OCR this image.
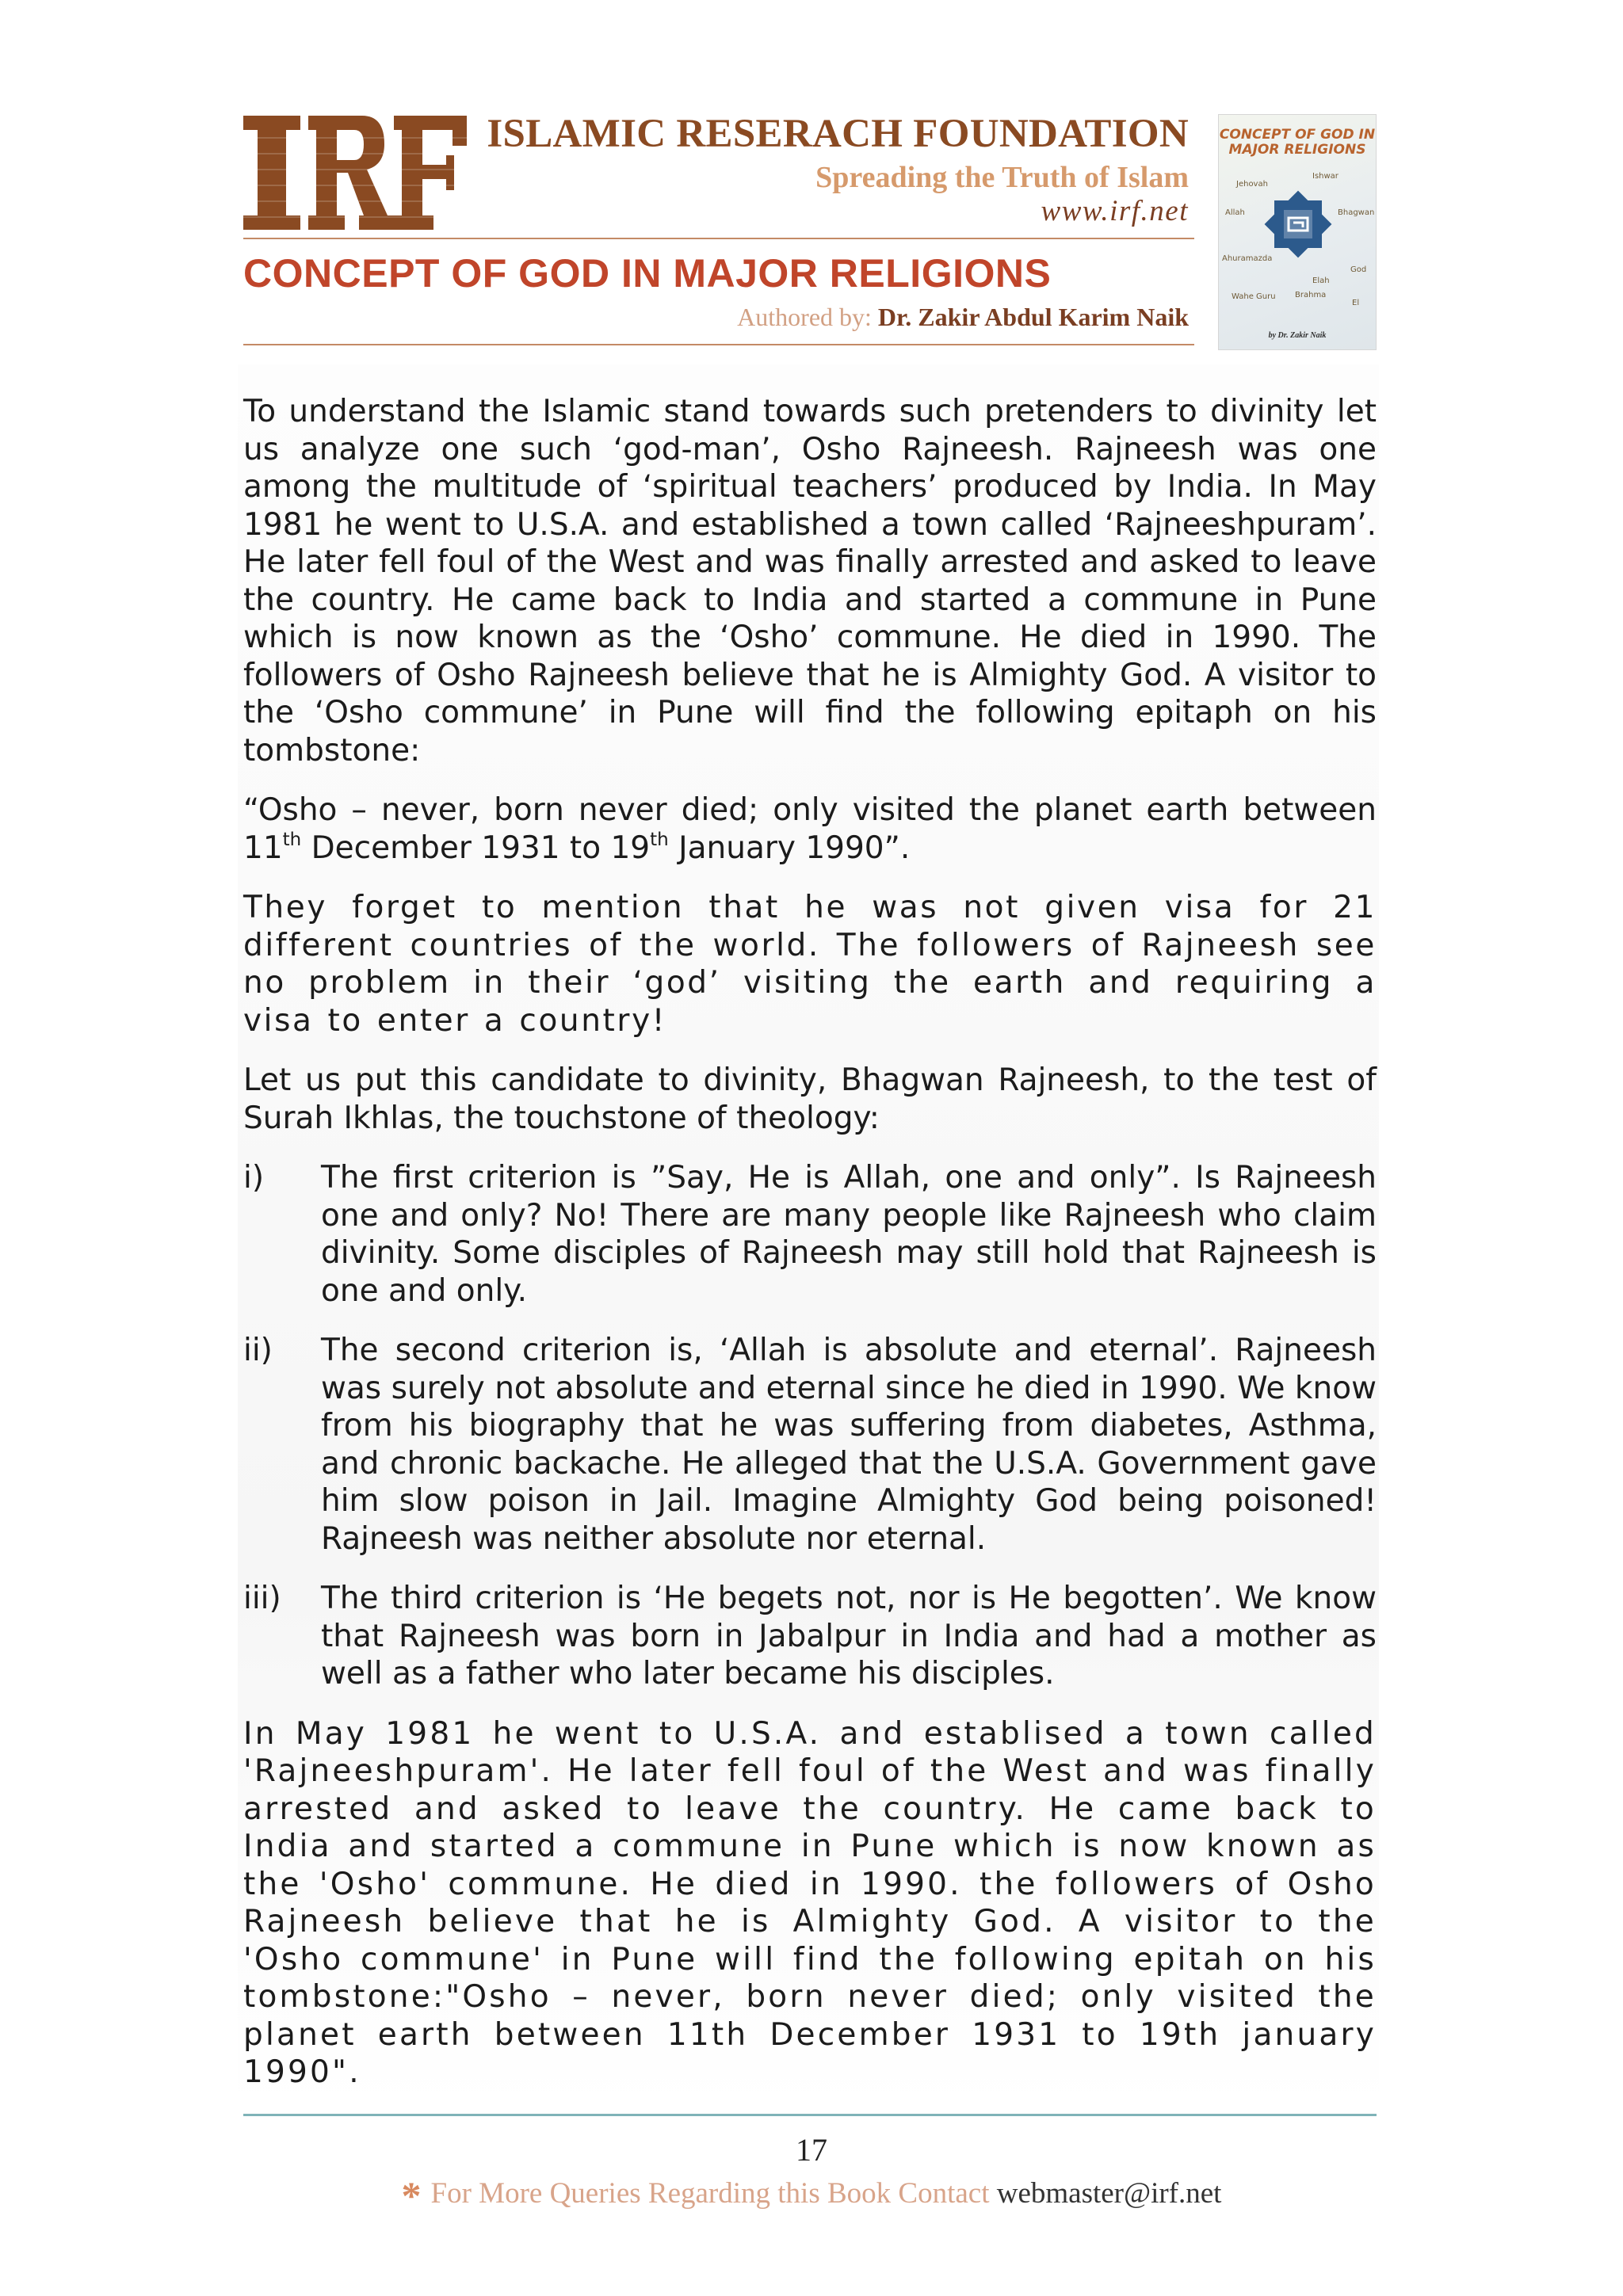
ISLAMIC RESERACH FOUNDATION
Spreading the Truth of Islam
www.irf.net
CONCEPT OF GOD IN MAJOR RELIGIONS
Authored by: Dr. Zakir Abdul Karim Naik
CONCEPT OF GOD IN MAJOR RELIGIONS
Jehovah
Ishwar
Allah	Bhagwan
Ahuramazda
God
Elah
Wahe Guru Brahma
El
by Dr. Zakir Naik

To understand the Islamic stand towards such pretenders to divinity let us analyze one such ‘god-man’, Osho Rajneesh. Rajneesh was one among the multitude of ‘spiritual teachers’ produced by India. In May 1981 he went to U.S.A. and established a town called ‘Rajneeshpuram’. He later fell foul of the West and was finally arrested and asked to leave the country. He came back to India and started a commune in Pune which is now known as the ‘Osho’ commune. He died in 1990. The followers of Osho Rajneesh believe that he is Almighty God. A visitor to the ‘Osho commune’ in Pune will find the following epitaph on his tombstone:

“Osho – never, born never died; only visited the planet earth between 11th December 1931 to 19th January 1990”.

They forget to mention that he was not given visa for 21 different countries of the world. The followers of Rajneesh see no problem in their ‘god’ visiting the earth and requiring a visa to enter a country!

Let us put this candidate to divinity, Bhagwan Rajneesh, to the test of Surah Ikhlas, the touchstone of theology:

i)	The first criterion is ”Say, He is Allah, one and only”. Is Rajneesh one and only? No! There are many people like Rajneesh who claim divinity. Some disciples of Rajneesh may still hold that Rajneesh is one and only.
ii)	The second criterion is, ‘Allah is absolute and eternal’. Rajneesh was surely not absolute and eternal since he died in 1990. We know from his biography that he was suffering from diabetes, Asthma, and chronic backache. He alleged that the U.S.A. Government gave him slow poison in Jail. Imagine Almighty God being poisoned! Rajneesh was neither absolute nor eternal.
iii)	The third criterion is ‘He begets not, nor is He begotten’. We know that Rajneesh was born in Jabalpur in India and had a mother as well as a father who later became his disciples.

In May 1981 he went to U.S.A. and establised a town called 'Rajneeshpuram'. He later fell foul of the West and was finally arrested and asked to leave the country. He came back to India and started a commune in Pune which is now known as the 'Osho' commune. He died in 1990. the followers of Osho Rajneesh believe that he is Almighty God. A visitor to the 'Osho commune' in Pune will find the following epitah on his tombstone:"Osho – never, born never died; only visited the planet earth between 11th December 1931 to 19th january 1990".

17
* For More Queries Regarding this Book Contact webmaster@irf.net
